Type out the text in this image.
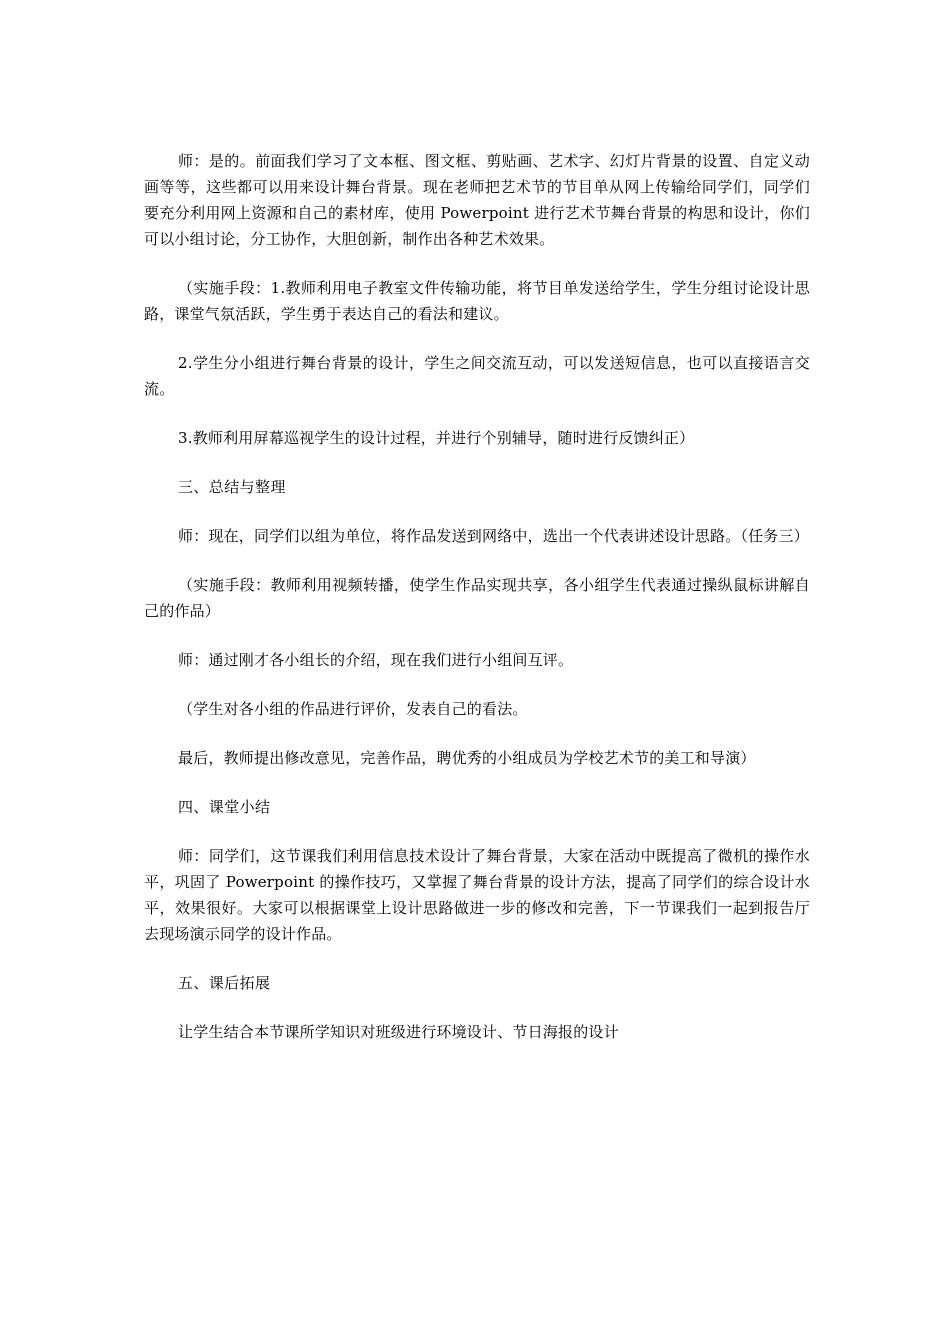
师：是的。前面我们学习了文本框、图文框、剪贴画、艺术字、幻灯片背景的设置、自定义动画等等，这些都可以用来设计舞台背景。现在老师把艺术节的节目单从网上传输给同学们，同学们要充分利用网上资源和自己的素材库，使用 Powerpoint 进行艺术节舞台背景的构思和设计，你们可以小组讨论，分工协作，大胆创新，制作出各种艺术效果。

（实施手段：1.教师利用电子教室文件传输功能，将节目单发送给学生，学生分组讨论设计思路，课堂气氛活跃，学生勇于表达自己的看法和建议。

2.学生分小组进行舞台背景的设计，学生之间交流互动，可以发送短信息，也可以直接语言交流。

3.教师利用屏幕巡视学生的设计过程，并进行个别辅导，随时进行反馈纠正）

三、总结与整理

师：现在，同学们以组为单位，将作品发送到网络中，选出一个代表讲述设计思路。（任务三）

（实施手段：教师利用视频转播，使学生作品实现共享，各小组学生代表通过操纵鼠标讲解自己的作品）

师：通过刚才各小组长的介绍，现在我们进行小组间互评。

（学生对各小组的作品进行评价，发表自己的看法。

最后，教师提出修改意见，完善作品，聘优秀的小组成员为学校艺术节的美工和导演）

四、课堂小结

师：同学们，这节课我们利用信息技术设计了舞台背景，大家在活动中既提高了微机的操作水平，巩固了 Powerpoint 的操作技巧，又掌握了舞台背景的设计方法，提高了同学们的综合设计水平，效果很好。大家可以根据课堂上设计思路做进一步的修改和完善，下一节课我们一起到报告厅去现场演示同学的设计作品。

五、课后拓展

让学生结合本节课所学知识对班级进行环境设计、节日海报的设计
